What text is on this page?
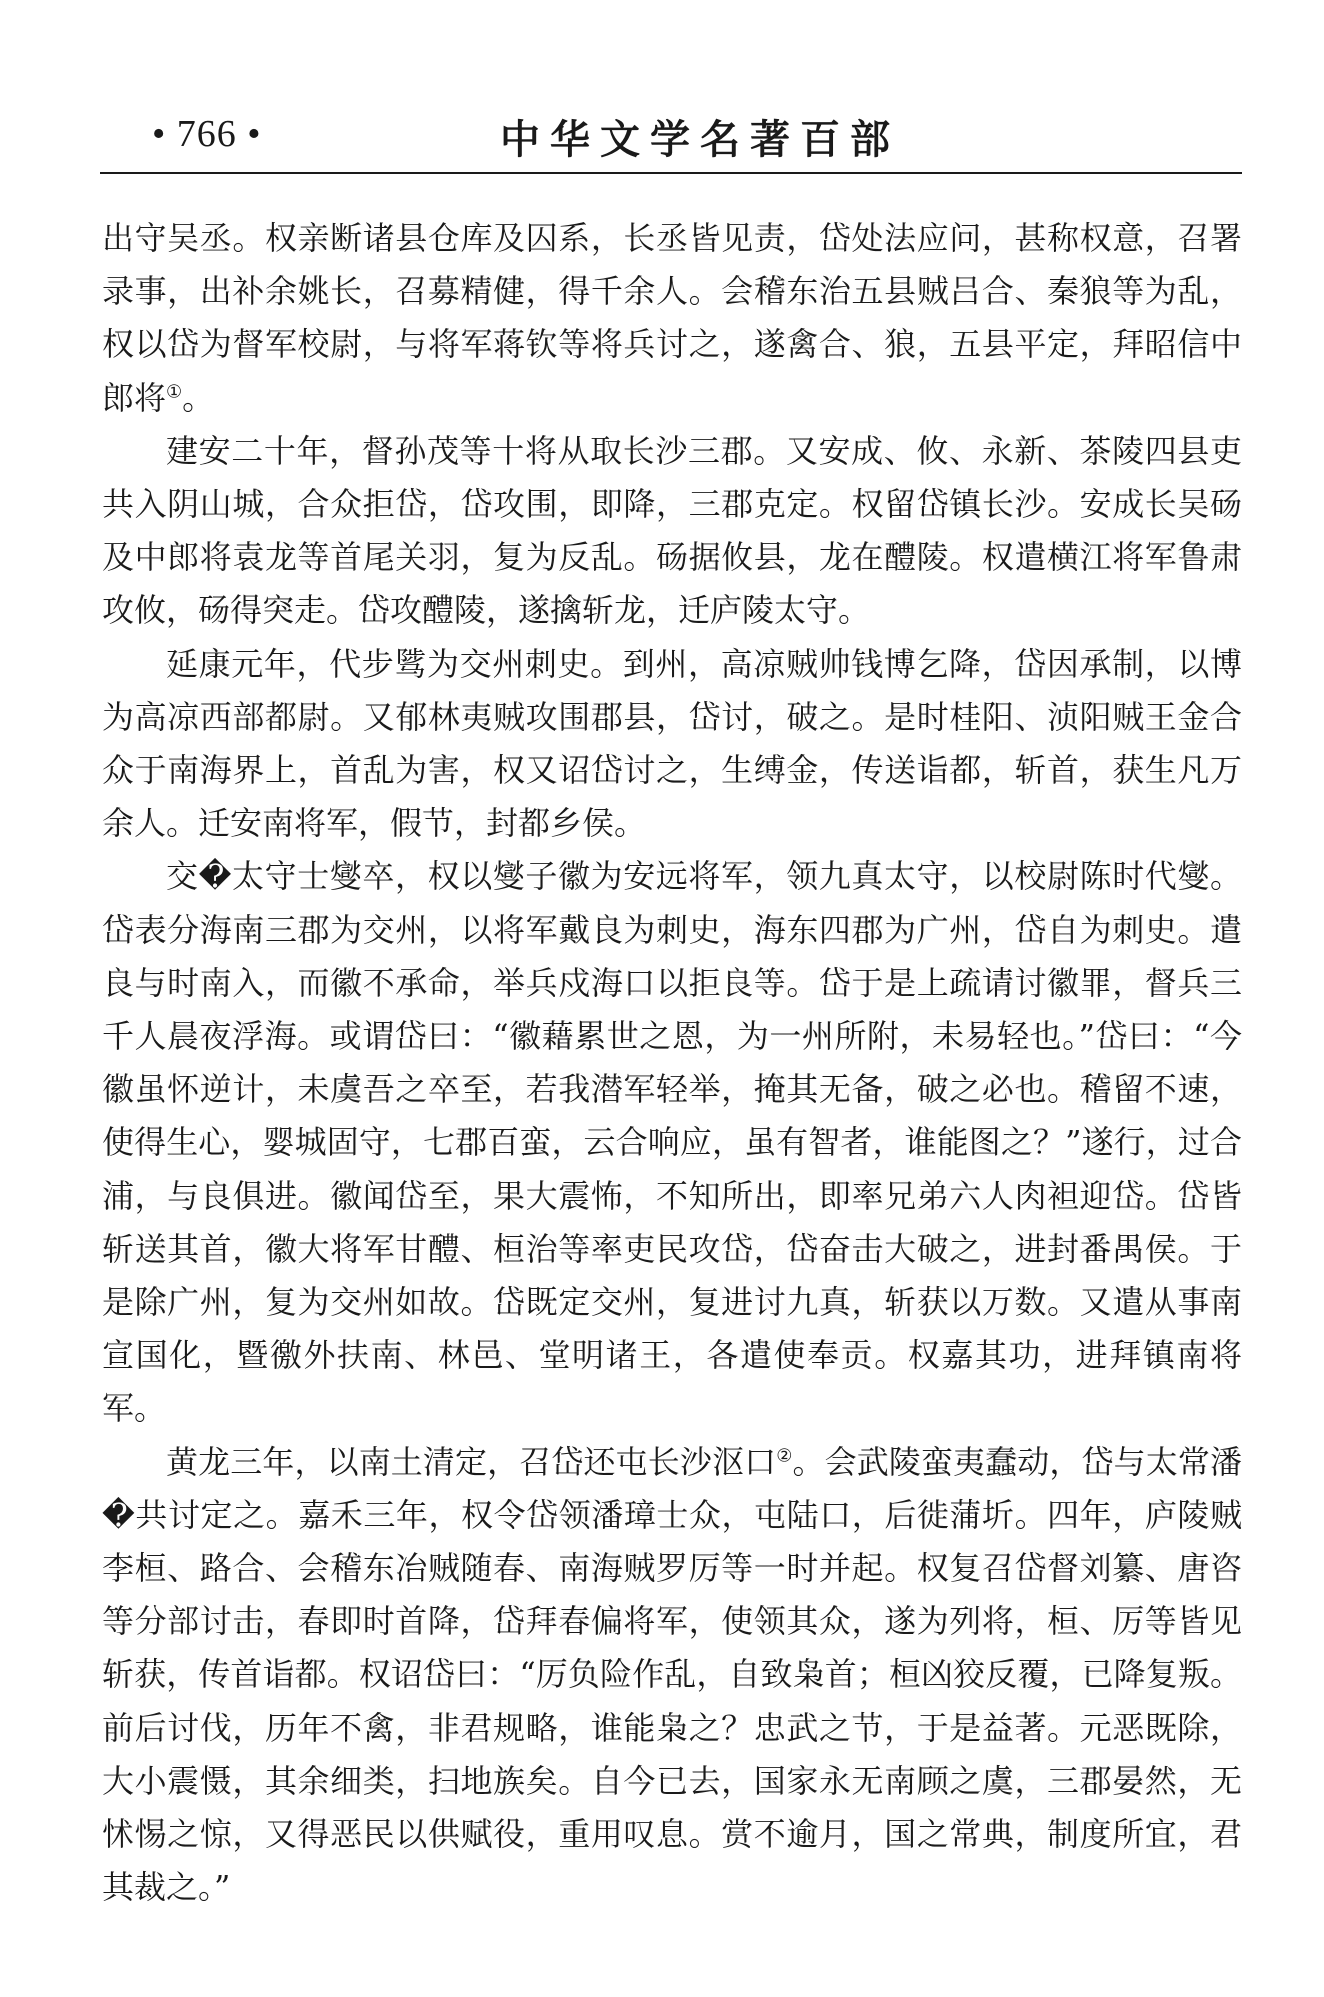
• 766 •	中华文学名著百部

出守吴丞。权亲断诸县仓库及囚系，长丞皆见责，岱处法应问，甚称权意，召署录事，出补余姚长，召募精健，得千余人。会稽东治五县贼吕合、秦狼等为乱，权以岱为督军校尉，与将军蒋钦等将兵讨之，遂禽合、狼，五县平定，拜昭信中郎将①。

建安二十年，督孙茂等十将从取长沙三郡。又安成、攸、永新、茶陵四县吏共入阴山城，合众拒岱，岱攻围，即降，三郡克定。权留岱镇长沙。安成长吴砀及中郎将袁龙等首尾关羽，复为反乱。砀据攸县，龙在醴陵。权遣横江将军鲁肃攻攸，砀得突走。岱攻醴陵，遂擒斩龙，迁庐陵太守。

延康元年，代步骘为交州刺史。到州，高凉贼帅钱博乞降，岱因承制，以博为高凉西部都尉。又郁林夷贼攻围郡县，岱讨，破之。是时桂阳、浈阳贼王金合众于南海界上，首乱为害，权又诏岱讨之，生缚金，传送诣都，斩首，获生凡万余人。迁安南将军，假节，封都乡侯。

交�太守士燮卒，权以燮子徽为安远将军，领九真太守，以校尉陈时代燮。岱表分海南三郡为交州，以将军戴良为刺史，海东四郡为广州，岱自为刺史。遣良与时南入，而徽不承命，举兵戍海口以拒良等。岱于是上疏请讨徽罪，督兵三千人晨夜浮海。或谓岱曰：“徽藉累世之恩，为一州所附，未易轻也。”岱曰：“今徽虽怀逆计，未虞吾之卒至，若我潜军轻举，掩其无备，破之必也。稽留不速，使得生心，婴城固守，七郡百蛮，云合响应，虽有智者，谁能图之？”遂行，过合浦，与良俱进。徽闻岱至，果大震怖，不知所出，即率兄弟六人肉袒迎岱。岱皆斩送其首，徽大将军甘醴、桓治等率吏民攻岱，岱奋击大破之，进封番禺侯。于是除广州，复为交州如故。岱既定交州，复进讨九真，斩获以万数。又遣从事南宣国化，暨徼外扶南、林邑、堂明诸王，各遣使奉贡。权嘉其功，进拜镇南将军。

黄龙三年，以南土清定，召岱还屯长沙沤口②。会武陵蛮夷蠢动，岱与太常潘�共讨定之。嘉禾三年，权令岱领潘璋士众，屯陆口，后徙蒲圻。四年，庐陵贼李桓、路合、会稽东冶贼随春、南海贼罗厉等一时并起。权复召岱督刘纂、唐咨等分部讨击，春即时首降，岱拜春偏将军，使领其众，遂为列将，桓、厉等皆见斩获，传首诣都。权诏岱曰：“厉负险作乱，自致枭首；桓凶狡反覆，已降复叛。前后讨伐，历年不禽，非君规略，谁能枭之？忠武之节，于是益著。元恶既除，大小震慑，其余细类，扫地族矣。自今已去，国家永无南顾之虞，三郡晏然，无怵惕之惊，又得恶民以供赋役，重用叹息。赏不逾月，国之常典，制度所宜，君其裁之。”
